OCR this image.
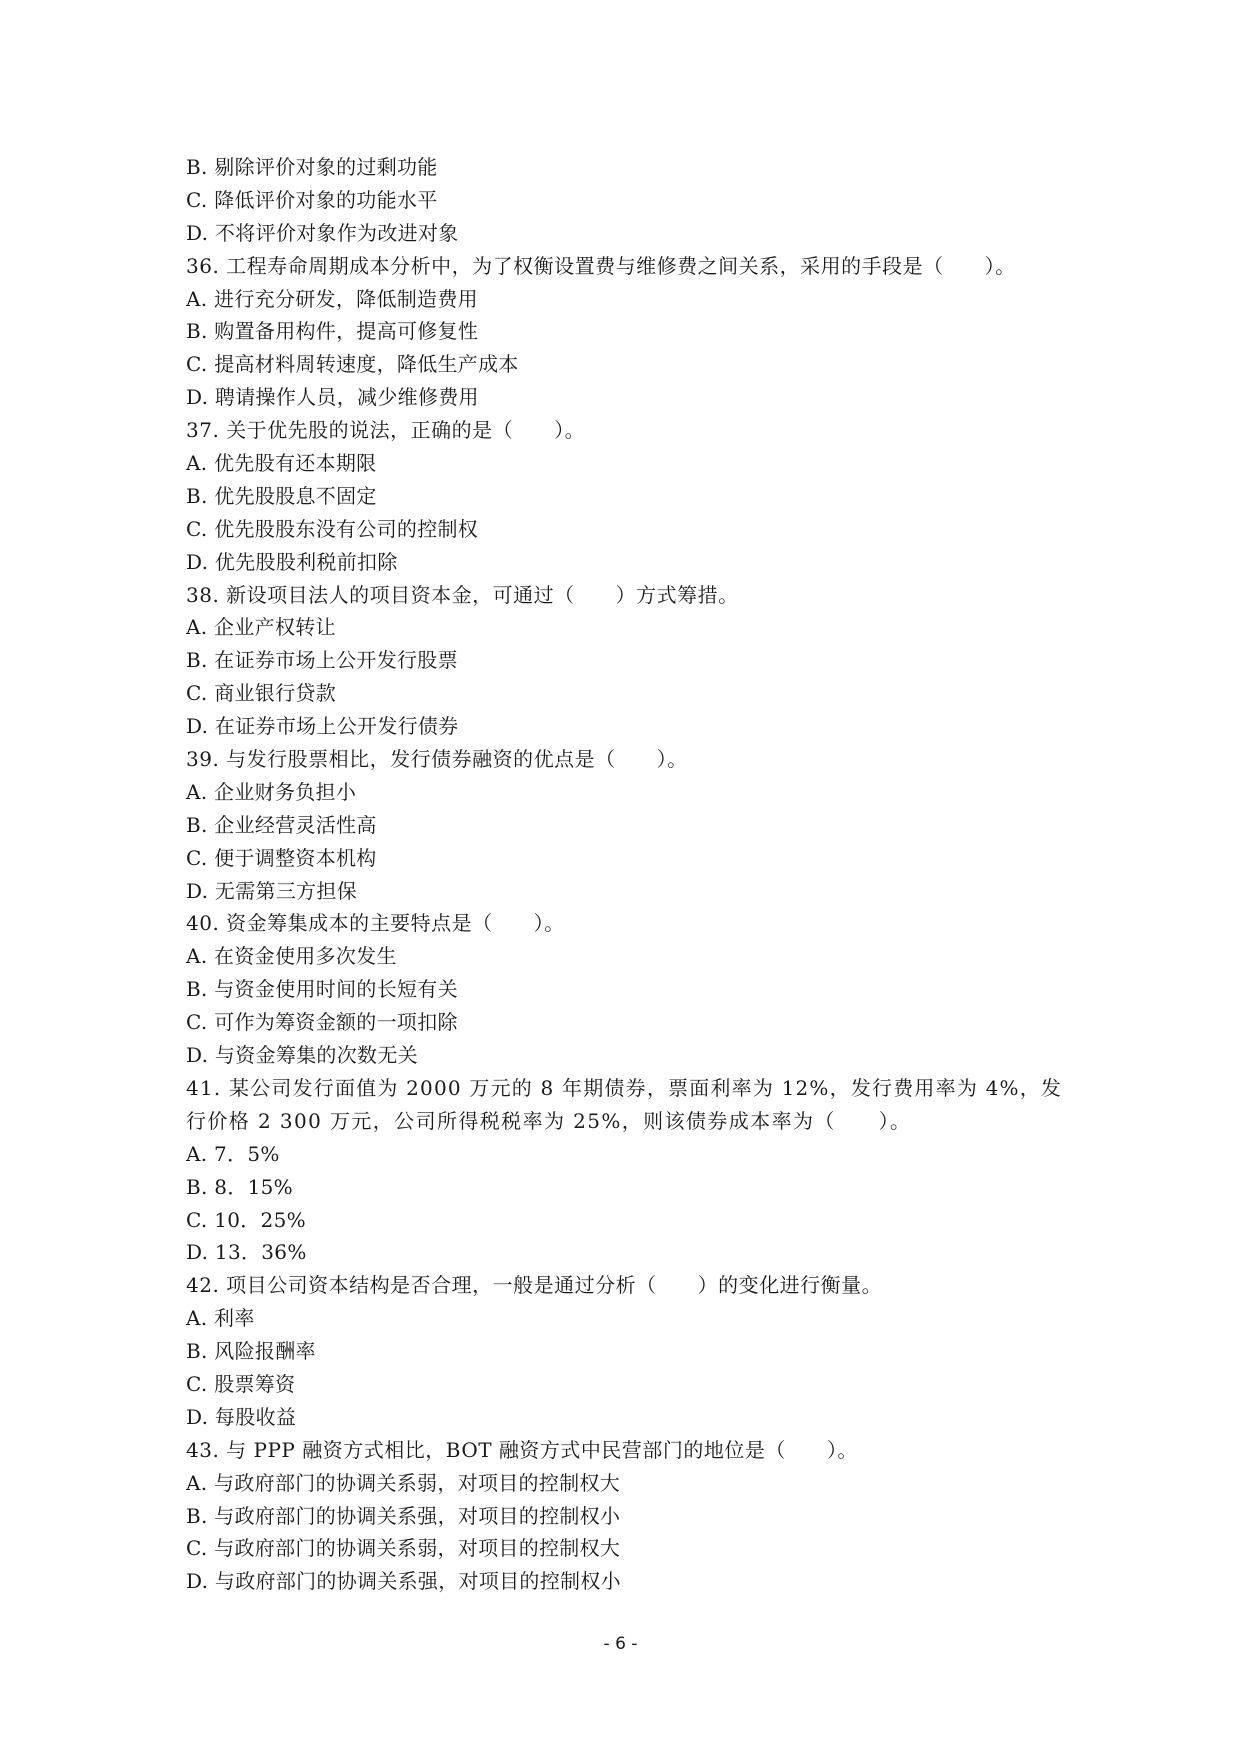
B. 剔除评价对象的过剩功能
C. 降低评价对象的功能水平
D. 不将评价对象作为改进对象
36. 工程寿命周期成本分析中，为了权衡设置费与维修费之间关系，采用的手段是（　　）。
A. 进行充分研发，降低制造费用
B. 购置备用构件，提高可修复性
C. 提高材料周转速度，降低生产成本
D. 聘请操作人员，减少维修费用
37. 关于优先股的说法，正确的是（　　）。
A. 优先股有还本期限
B. 优先股股息不固定
C. 优先股股东没有公司的控制权
D. 优先股股利税前扣除
38. 新设项目法人的项目资本金，可通过（　　）方式筹措。
A. 企业产权转让
B. 在证券市场上公开发行股票
C. 商业银行贷款
D. 在证券市场上公开发行债券
39. 与发行股票相比，发行债券融资的优点是（　　）。
A. 企业财务负担小
B. 企业经营灵活性高
C. 便于调整资本机构
D. 无需第三方担保
40. 资金筹集成本的主要特点是（　　）。
A. 在资金使用多次发生
B. 与资金使用时间的长短有关
C. 可作为筹资金额的一项扣除
D. 与资金筹集的次数无关
41. 某公司发行面值为 2000 万元的 8 年期债券，票面利率为 12%，发行费用率为 4%，发
行价格 2 300 万元，公司所得税税率为 25%，则该债券成本率为（　　）。
A. 7．5%
B. 8．15%
C. 10．25%
D. 13．36%
42. 项目公司资本结构是否合理，一般是通过分析（　　）的变化进行衡量。
A. 利率
B. 风险报酬率
C. 股票筹资
D. 每股收益
43. 与 PPP 融资方式相比，BOT 融资方式中民营部门的地位是（　　）。
A. 与政府部门的协调关系弱，对项目的控制权大
B. 与政府部门的协调关系强，对项目的控制权小
C. 与政府部门的协调关系弱，对项目的控制权大
D. 与政府部门的协调关系强，对项目的控制权小
- 6 -
